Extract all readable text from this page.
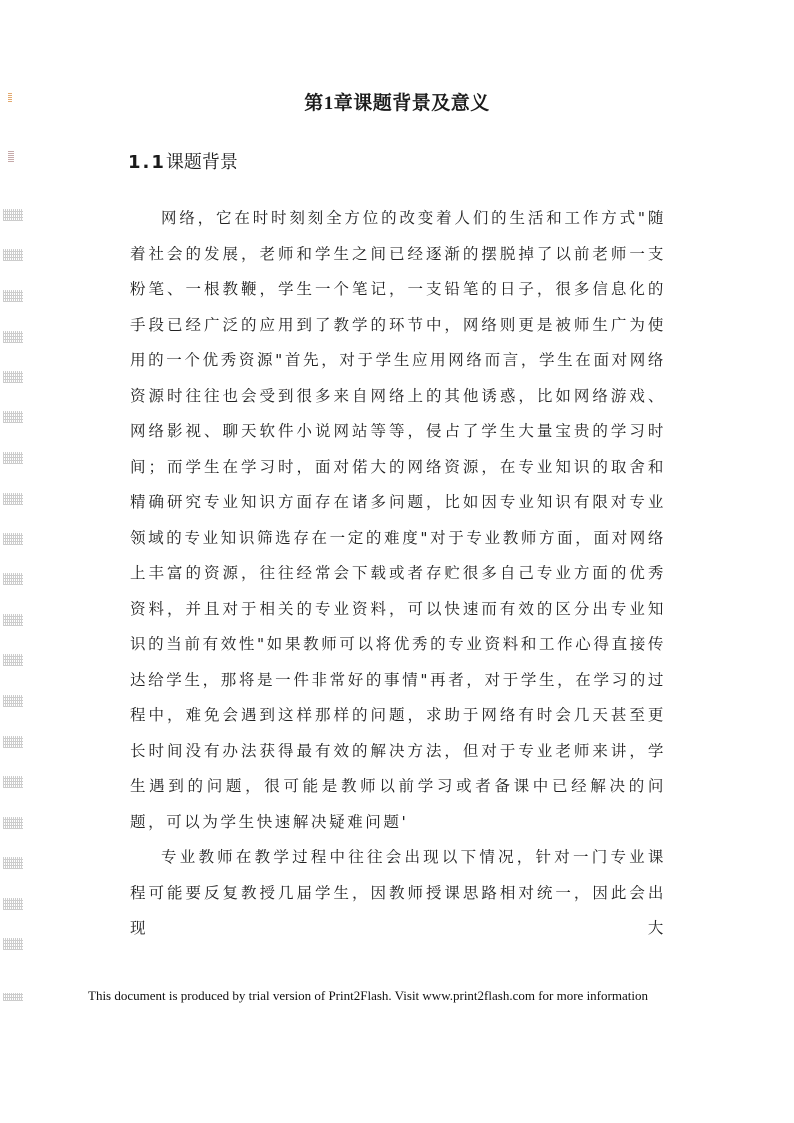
第1章课题背景及意义
1.1课题背景

网络，它在时时刻刻全方位的改变着人们的生活和工作方式"随着社会的发展，老师和学生之间已经逐渐的摆脱掉了以前老师一支粉笔、一根教鞭，学生一个笔记，一支铅笔的日子，很多信息化的手段已经广泛的应用到了教学的环节中，网络则更是被师生广为使用的一个优秀资源"首先，对于学生应用网络而言，学生在面对网络资源时往往也会受到很多来自网络上的其他诱惑，比如网络游戏、网络影视、聊天软件小说网站等等，侵占了学生大量宝贵的学习时间；而学生在学习时，面对偌大的网络资源，在专业知识的取舍和精确研究专业知识方面存在诸多问题，比如因专业知识有限对专业领域的专业知识筛选存在一定的难度"对于专业教师方面，面对网络上丰富的资源，往往经常会下载或者存贮很多自己专业方面的优秀资料，并且对于相关的专业资料，可以快速而有效的区分出专业知识的当前有效性"如果教师可以将优秀的专业资料和工作心得直接传达给学生，那将是一件非常好的事情"再者，对于学生，在学习的过程中，难免会遇到这样那样的问题，求助于网络有时会几天甚至更长时间没有办法获得最有效的解决方法，但对于专业老师来讲，学生遇到的问题，很可能是教师以前学习或者备课中已经解决的问题，可以为学生快速解决疑难问题'

专业教师在教学过程中往往会出现以下情况，针对一门专业课程可能要反复教授几届学生，因教师授课思路相对统一，因此会出现大

This document is produced by trial version of Print2Flash. Visit www.print2flash.com for more information
